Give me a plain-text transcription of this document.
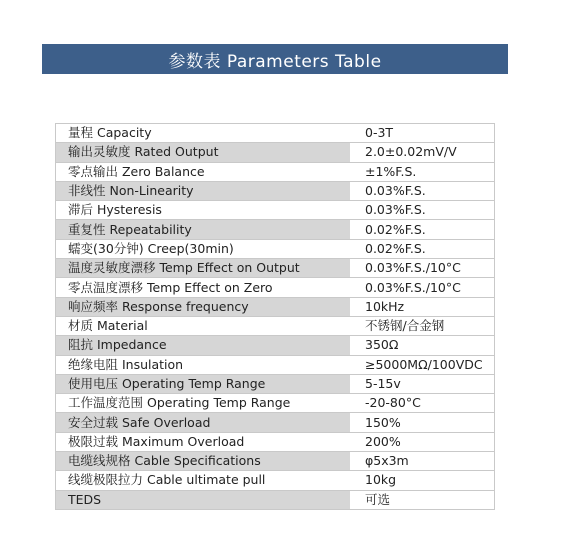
参数表 Parameters Table
量程 Capacity	0-3T
输出灵敏度 Rated Output	2.0±0.02mV/V
零点输出 Zero Balance	±1%F.S.
非线性 Non-Linearity	0.03%F.S.
滞后 Hysteresis	0.03%F.S.
重复性 Repeatability	0.02%F.S.
蠕变(30分钟) Creep(30min)	0.02%F.S.
温度灵敏度漂移 Temp Effect on Output	0.03%F.S./10°C
零点温度漂移 Temp Effect on Zero	0.03%F.S./10°C
响应频率 Response frequency	10kHz
材质 Material	不锈钢/合金钢
阻抗 Impedance	350Ω
绝缘电阻 Insulation	≥5000MΩ/100VDC
使用电压 Operating Temp Range	5-15v
工作温度范围 Operating Temp Range	-20-80°C
安全过载 Safe Overload	150%
极限过载 Maximum Overload	200%
电缆线规格 Cable Specifications	φ5x3m
线缆极限拉力 Cable ultimate pull	10kg
TEDS	可选
